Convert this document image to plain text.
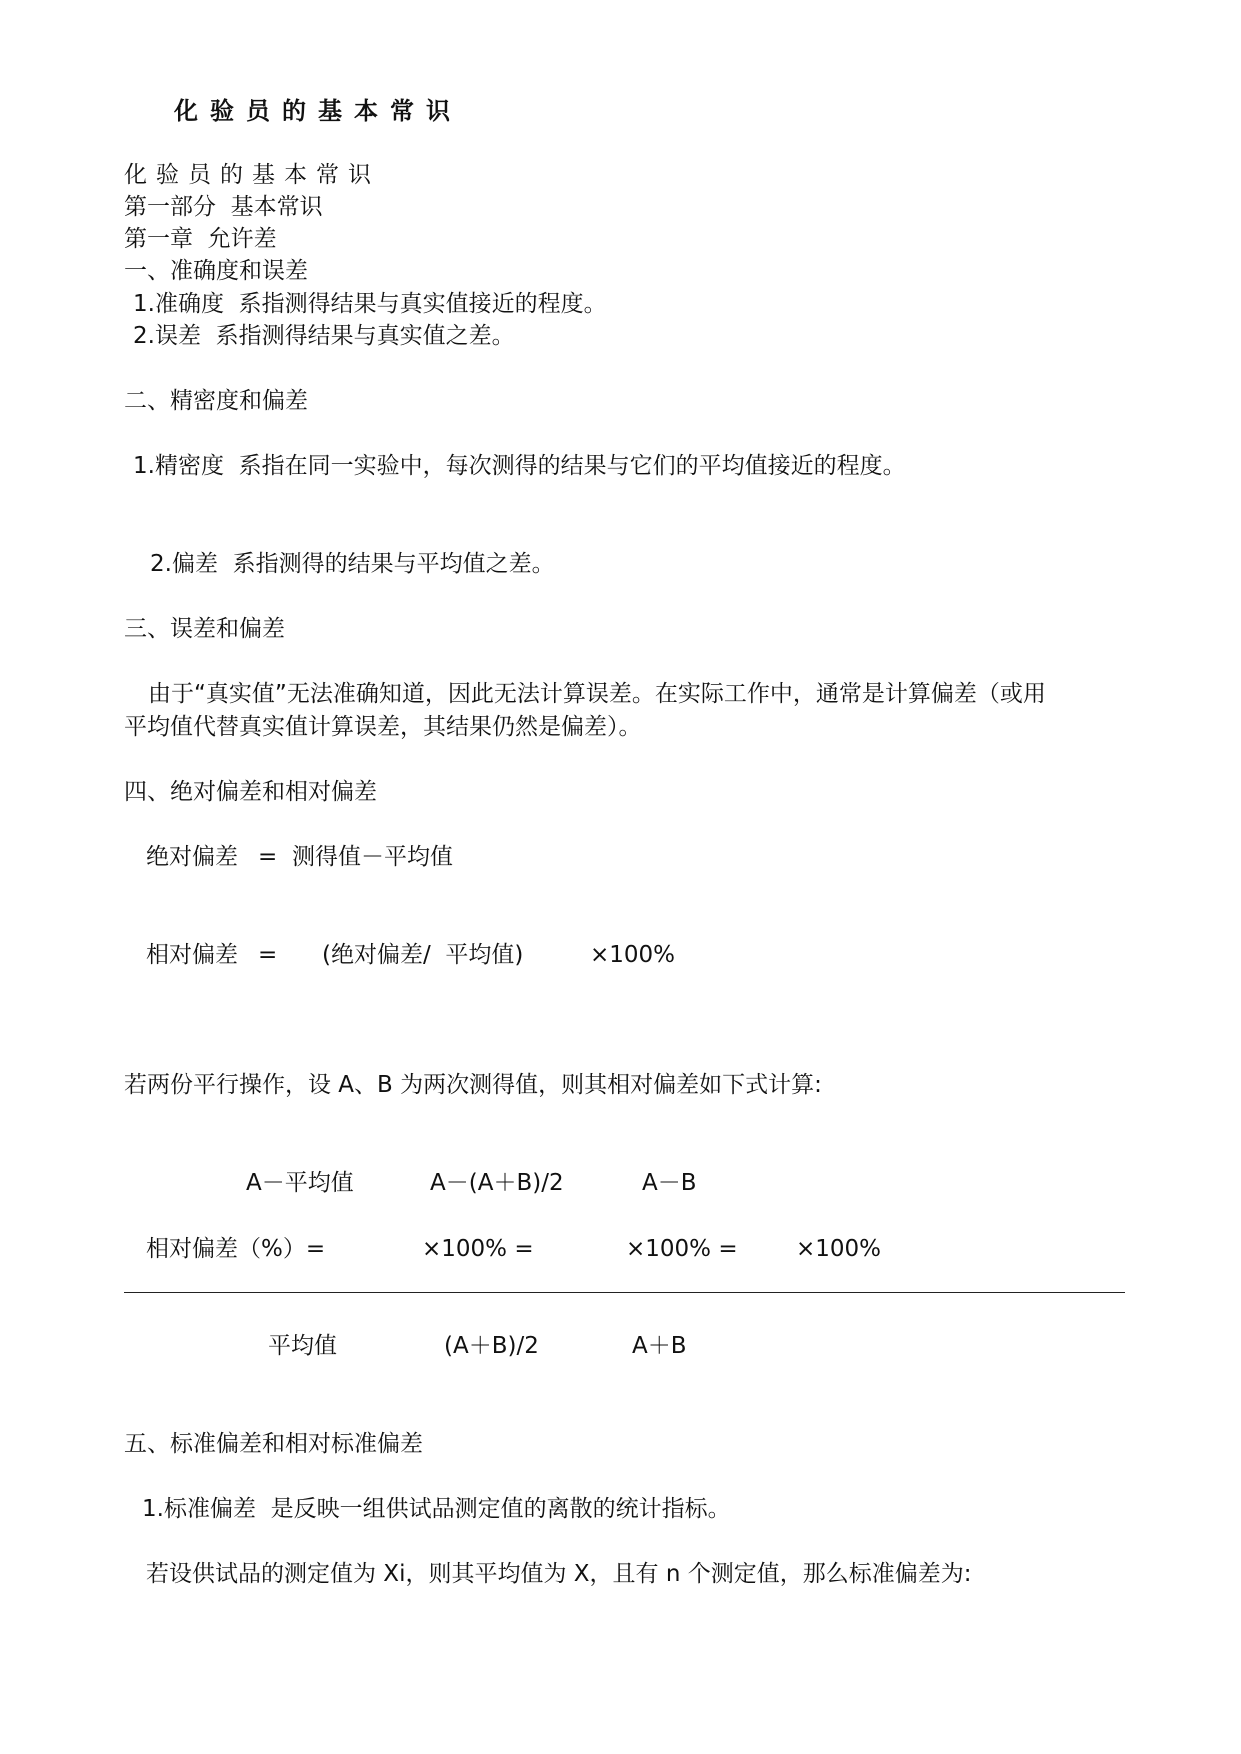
化验员的基本常识
化验员的基本常识
第一部分  基本常识
第一章  允许差
一、准确度和误差
1.准确度  系指测得结果与真实值接近的程度。
2.误差  系指测得结果与真实值之差。
二、精密度和偏差
1.精密度  系指在同一实验中，每次测得的结果与它们的平均值接近的程度。
2.偏差  系指测得的结果与平均值之差。
三、误差和偏差
由于“真实值”无法准确知道，因此无法计算误差。在实际工作中，通常是计算偏差（或用
平均值代替真实值计算误差，其结果仍然是偏差）。
四、绝对偏差和相对偏差
绝对偏差 = 测得值－平均值
相对偏差 = (绝对偏差/  平均值)	×100%
若两份平行操作，设 A、B 为两次测得值，则其相对偏差如下式计算:
A－平均值	A－(A＋B)/2	A－B
相对偏差（%）=	×100% =	×100% =	×100%
平均值	(A＋B)/2	A＋B
五、标准偏差和相对标准偏差
1.标准偏差  是反映一组供试品测定值的离散的统计指标。
若设供试品的测定值为 Xi，则其平均值为 X，且有 n 个测定值，那么标准偏差为:
